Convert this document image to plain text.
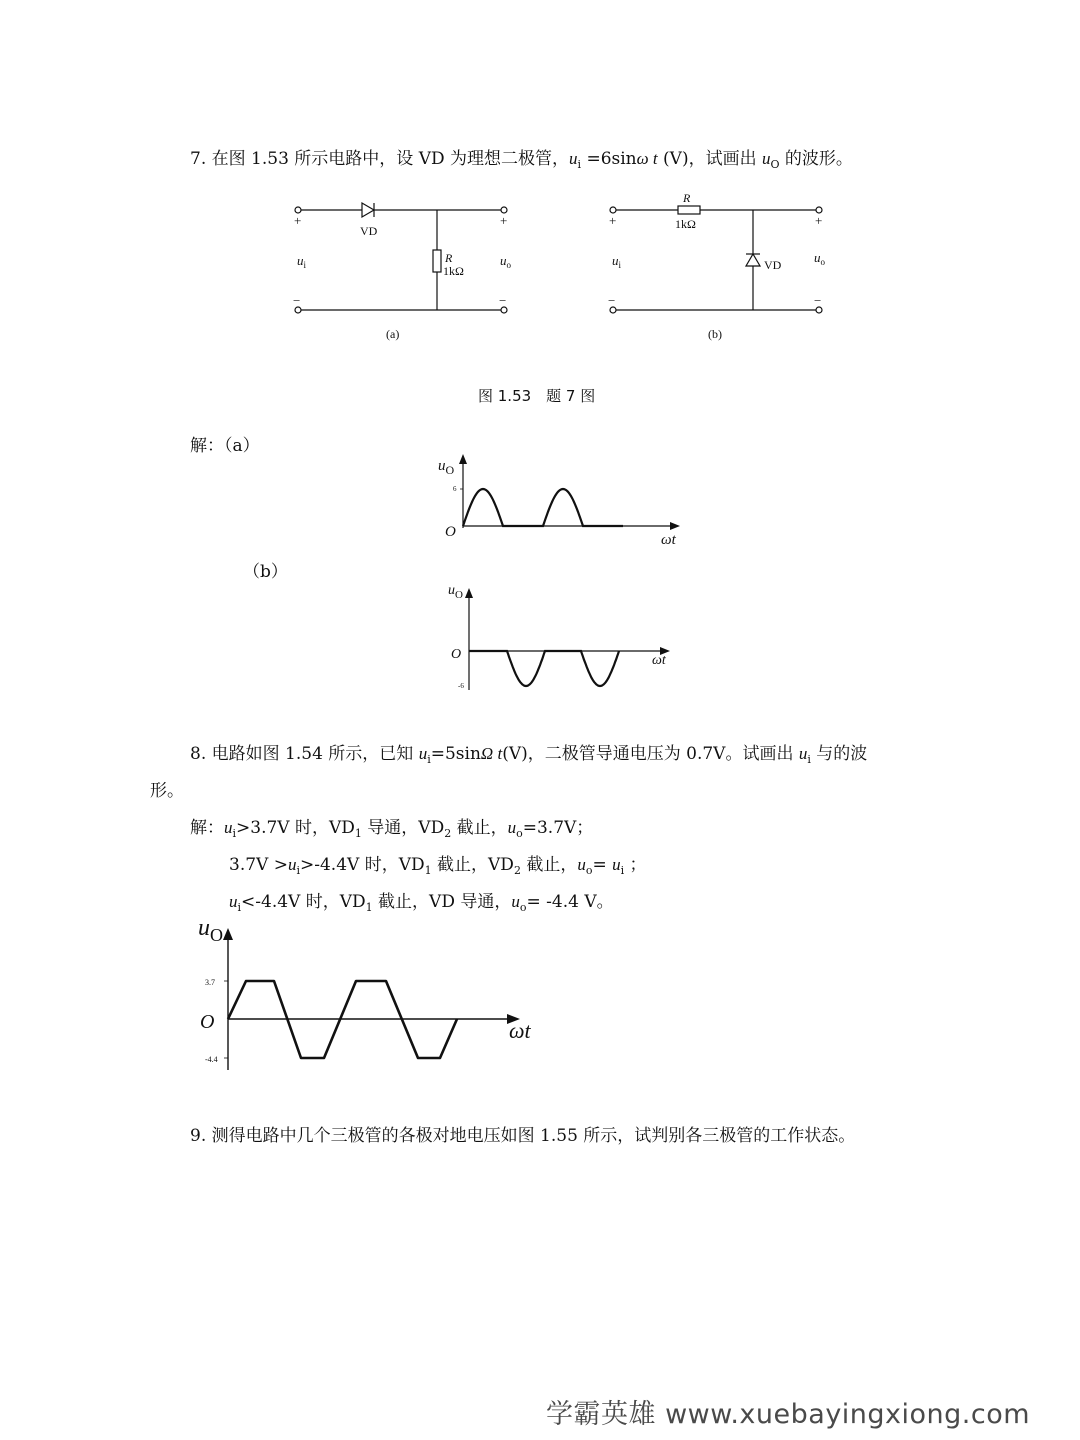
7. 在图 1.53 所示电路中，设 VD 为理想二极管，$u_i =6\sin\omega$ t (V)，试画出 $u_O$ 的波形。
+	+
−	−
VD
R
1kΩ
$u_i$	$u_o$
(a)
+	+
−	−
R
1kΩ
VD
$u_i$	$u_o$
(b)
图 1.53　题 7 图
解：（a）
$u_O$
6
O	ωt
（b）
$u_O$
O
-6
ωt
8. 电路如图 1.54 所示，已知 $u_i=5\sin\Omega$ t(V)，二极管导通电压为 0.7V。试画出 $u_i$ 与的波
形。
解：$u_i>3.7V$ 时，$VD_1$ 导通，$VD_2$ 截止，$u_o=3.7V$；
$3.7V >u_i>-4.4V$ 时，$VD_1$ 截止，$VD_2$ 截止，$u_o= u_i$ ；
$u_i<-4.4V$ 时，$VD_1$ 截止，VD 导通，$u_o= -4.4$ V。
$u_O$
3.7
O
-4.4
ωt
9. 测得电路中几个三极管的各极对地电压如图 1.55 所示，试判别各三极管的工作状态。
学霸英雄 www.xuebayingxiong.com
